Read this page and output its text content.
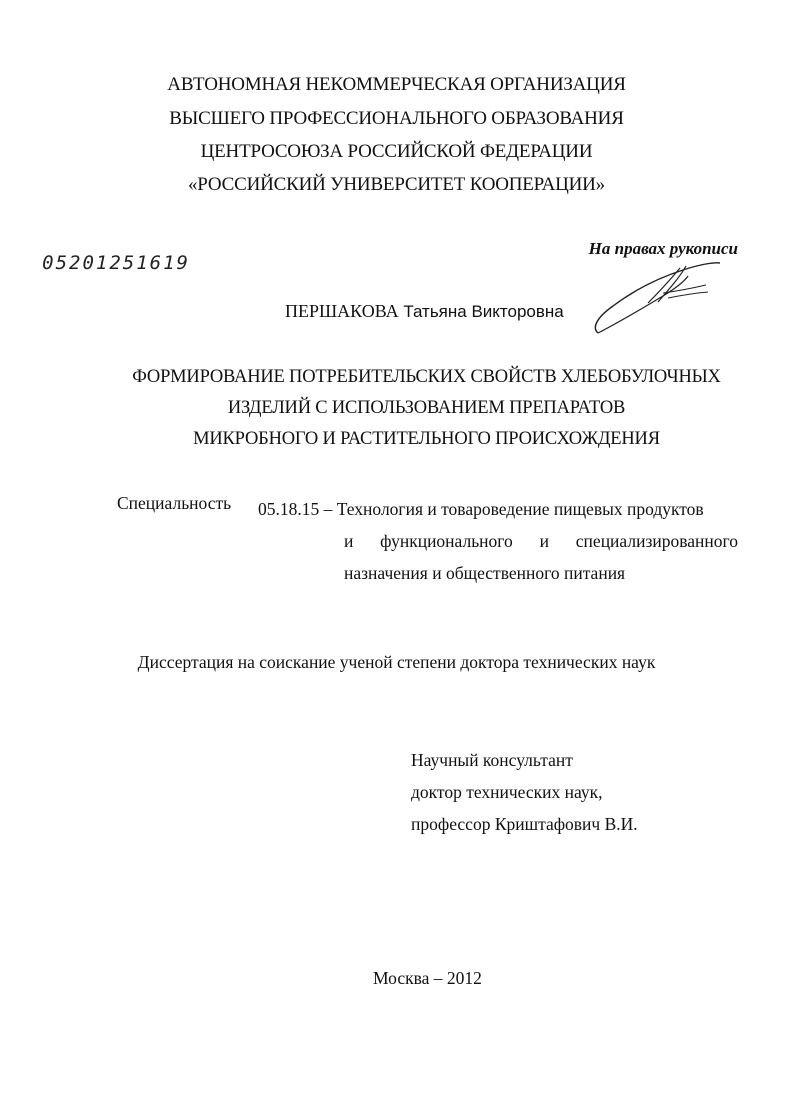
АВТОНОМНАЯ НЕКОММЕРЧЕСКАЯ ОРГАНИЗАЦИЯ
ВЫСШЕГО ПРОФЕССИОНАЛЬНОГО ОБРАЗОВАНИЯ
ЦЕНТРОСОЮЗА РОССИЙСКОЙ ФЕДЕРАЦИИ
«РОССИЙСКИЙ УНИВЕРСИТЕТ КООПЕРАЦИИ»
На правах рукописи
05201251619
ПЕРШАКОВА Татьяна Викторовна
ФОРМИРОВАНИЕ ПОТРЕБИТЕЛЬСКИХ СВОЙСТВ ХЛЕБОБУЛОЧНЫХ
ИЗДЕЛИЙ С ИСПОЛЬЗОВАНИЕМ ПРЕПАРАТОВ
МИКРОБНОГО И РАСТИТЕЛЬНОГО ПРОИСХОЖДЕНИЯ
Специальность 05.18.15 – Технология и товароведение пищевых продуктов
и функционального и специализированного
назначения и общественного питания
Диссертация на соискание ученой степени доктора технических наук
Научный консультант
доктор технических наук,
профессор Криштафович В.И.
Москва – 2012
